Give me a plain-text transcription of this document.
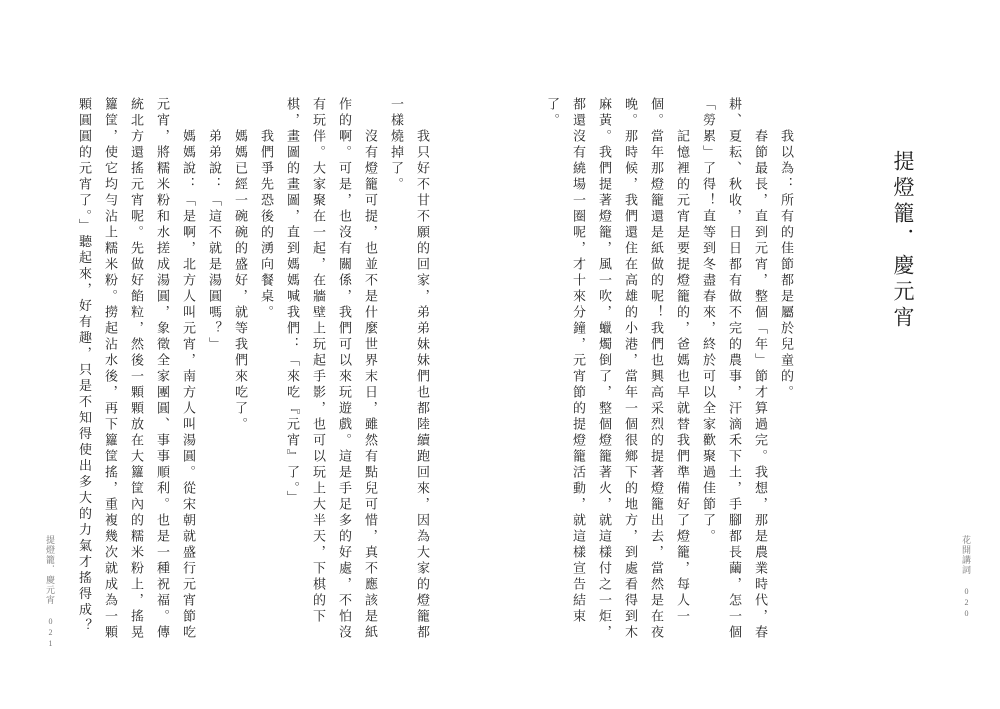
提燈籠．慶元宵

我以為：所有的佳節都是屬於兒童的。

春節最長，直到元宵，整個「年」節才算過完。我想，那是農業時代，春耕、夏耘、秋收，日日都有做不完的農事，汗滴禾下土，手腳都長繭，怎一個「勞累」了得！直等到冬盡春來，終於可以全家歡聚過佳節了。

記憶裡的元宵是要提燈籠的，爸媽也早就替我們準備好了燈籠，每人一個。當年那燈籠還是紙做的呢！我們也興高采烈的提著燈籠出去，當然是在夜晚。那時候，我們還住在高雄的小港，當年一個很鄉下的地方，到處看得到木麻黃。我們提著燈籠，風一吹，蠟燭倒了，整個燈籠著火，就這樣付之一炬，都還沒有繞場一圈呢，才十來分鐘，元宵節的提燈籠活動，就這樣宣告結束了。

花開講詞020

我只好不甘不願的回家，弟弟妹妹們也都陸續跑回來，因為大家的燈籠都一樣燒掉了。

沒有燈籠可提，也並不是什麼世界末日，雖然有點兒可惜，真不應該是紙作的啊。可是，也沒有關係，我們可以來玩遊戲。這是手足多的好處，不怕沒有玩伴。大家聚在一起，在牆壁上玩起手影，也可以玩上大半天，下棋的下棋，畫圖的畫圖，直到媽媽喊我們：「來吃『元宵』了。」

我們爭先恐後的湧向餐桌。

媽媽已經一碗碗的盛好，就等我們來吃了。

弟弟說：「這不就是湯圓嗎？」

媽媽說：「是啊，北方人叫元宵，南方人叫湯圓。從宋朝就盛行元宵節吃元宵，將糯米粉和水搓成湯圓，象徵全家團圓、事事順利。也是一種祝福。傳統北方還搖元宵呢。先做好餡粒，然後一顆顆放在大籮筐內的糯米粉上，搖晃籮筐，使它均勻沾上糯米粉。撈起沾水後，再下籮筐搖，重複幾次就成為一顆顆圓圓的元宵了。」聽起來，好有趣，只是不知得使出多大的力氣才搖得成？

提燈籠．慶元宵021
